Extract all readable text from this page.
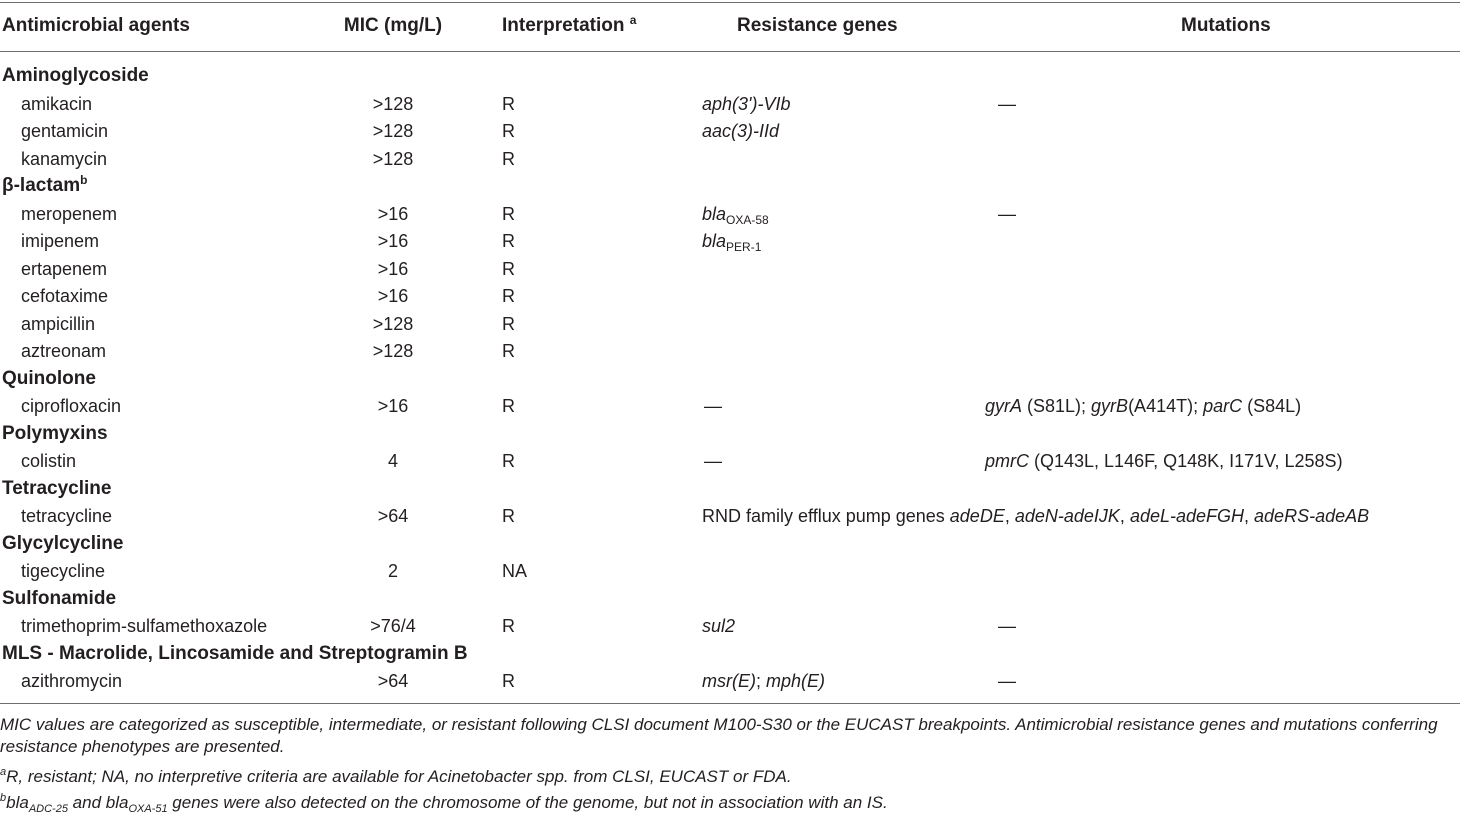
Antimicrobial agents	MIC (mg/L)	Interpretation $^a$	Resistance genes	Mutations
Aminoglycoside
amikacin	>128	R	aph(3')-VIb	—
gentamicin	>128	R	aac(3)-IId
kanamycin	>128	R
β-lactam$^b$
meropenem	>16	R	bla$_{OXA-58}$	—
imipenem	>16	R	bla$_{PER-1}$
ertapenem	>16	R
cefotaxime	>16	R
ampicillin	>128	R
aztreonam	>128	R
Quinolone
ciprofloxacin	>16	R	—	gyrA (S81L); gyrB(A414T); parC (S84L)
Polymyxins
colistin	4	R	—	pmrC (Q143L, L146F, Q148K, I171V, L258S)
Tetracycline
tetracycline	>64	R	RND family efflux pump genes adeDE, adeN-adeIJK, adeL-adeFGH, adeRS-adeAB
Glycylcycline
tigecycline	2	NA
Sulfonamide
trimethoprim-sulfamethoxazole	>76/4	R	sul2	—
MLS - Macrolide, Lincosamide and Streptogramin B
azithromycin	>64	R	msr(E); mph(E)	—
MIC values are categorized as susceptible, intermediate, or resistant following CLSI document M100-S30 or the EUCAST breakpoints. Antimicrobial resistance genes and mutations conferring resistance phenotypes are presented.
$^a$R, resistant; NA, no interpretive criteria are available for Acinetobacter spp. from CLSI, EUCAST or FDA.
$^b$bla$_{ADC-25}$ and bla$_{OXA-51}$ genes were also detected on the chromosome of the genome, but not in association with an IS.
